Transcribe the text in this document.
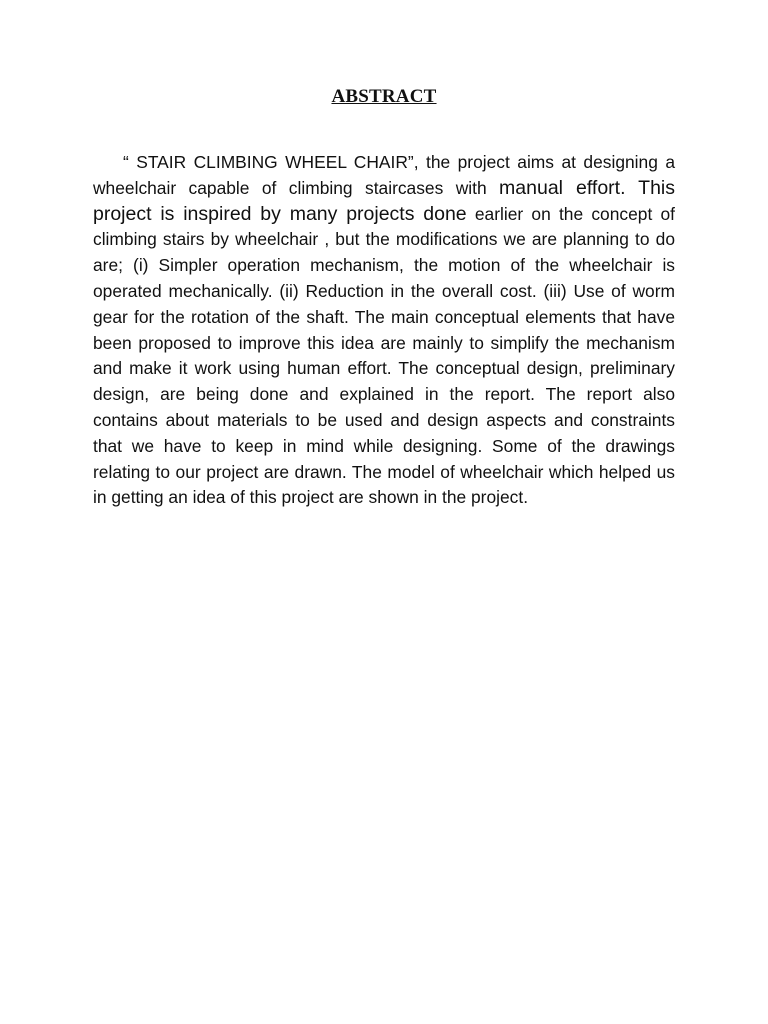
ABSTRACT

“ STAIR CLIMBING WHEEL CHAIR”, the project aims at designing a wheelchair capable of climbing staircases with manual effort. This project is inspired by many projects done earlier on the concept of climbing stairs by wheelchair , but the modifications we are planning to do are; (i) Simpler operation mechanism, the motion of the wheelchair is operated mechanically. (ii) Reduction in the overall cost. (iii) Use of worm gear for the rotation of the shaft. The main conceptual elements that have been proposed to improve this idea are mainly to simplify the mechanism and make it work using human effort. The conceptual design, preliminary design, are being done and explained in the report. The report also contains about materials to be used and design aspects and constraints that we have to keep in mind while designing. Some of the drawings relating to our project are drawn. The model of wheelchair which helped us in getting an idea of this project are shown in the project.
